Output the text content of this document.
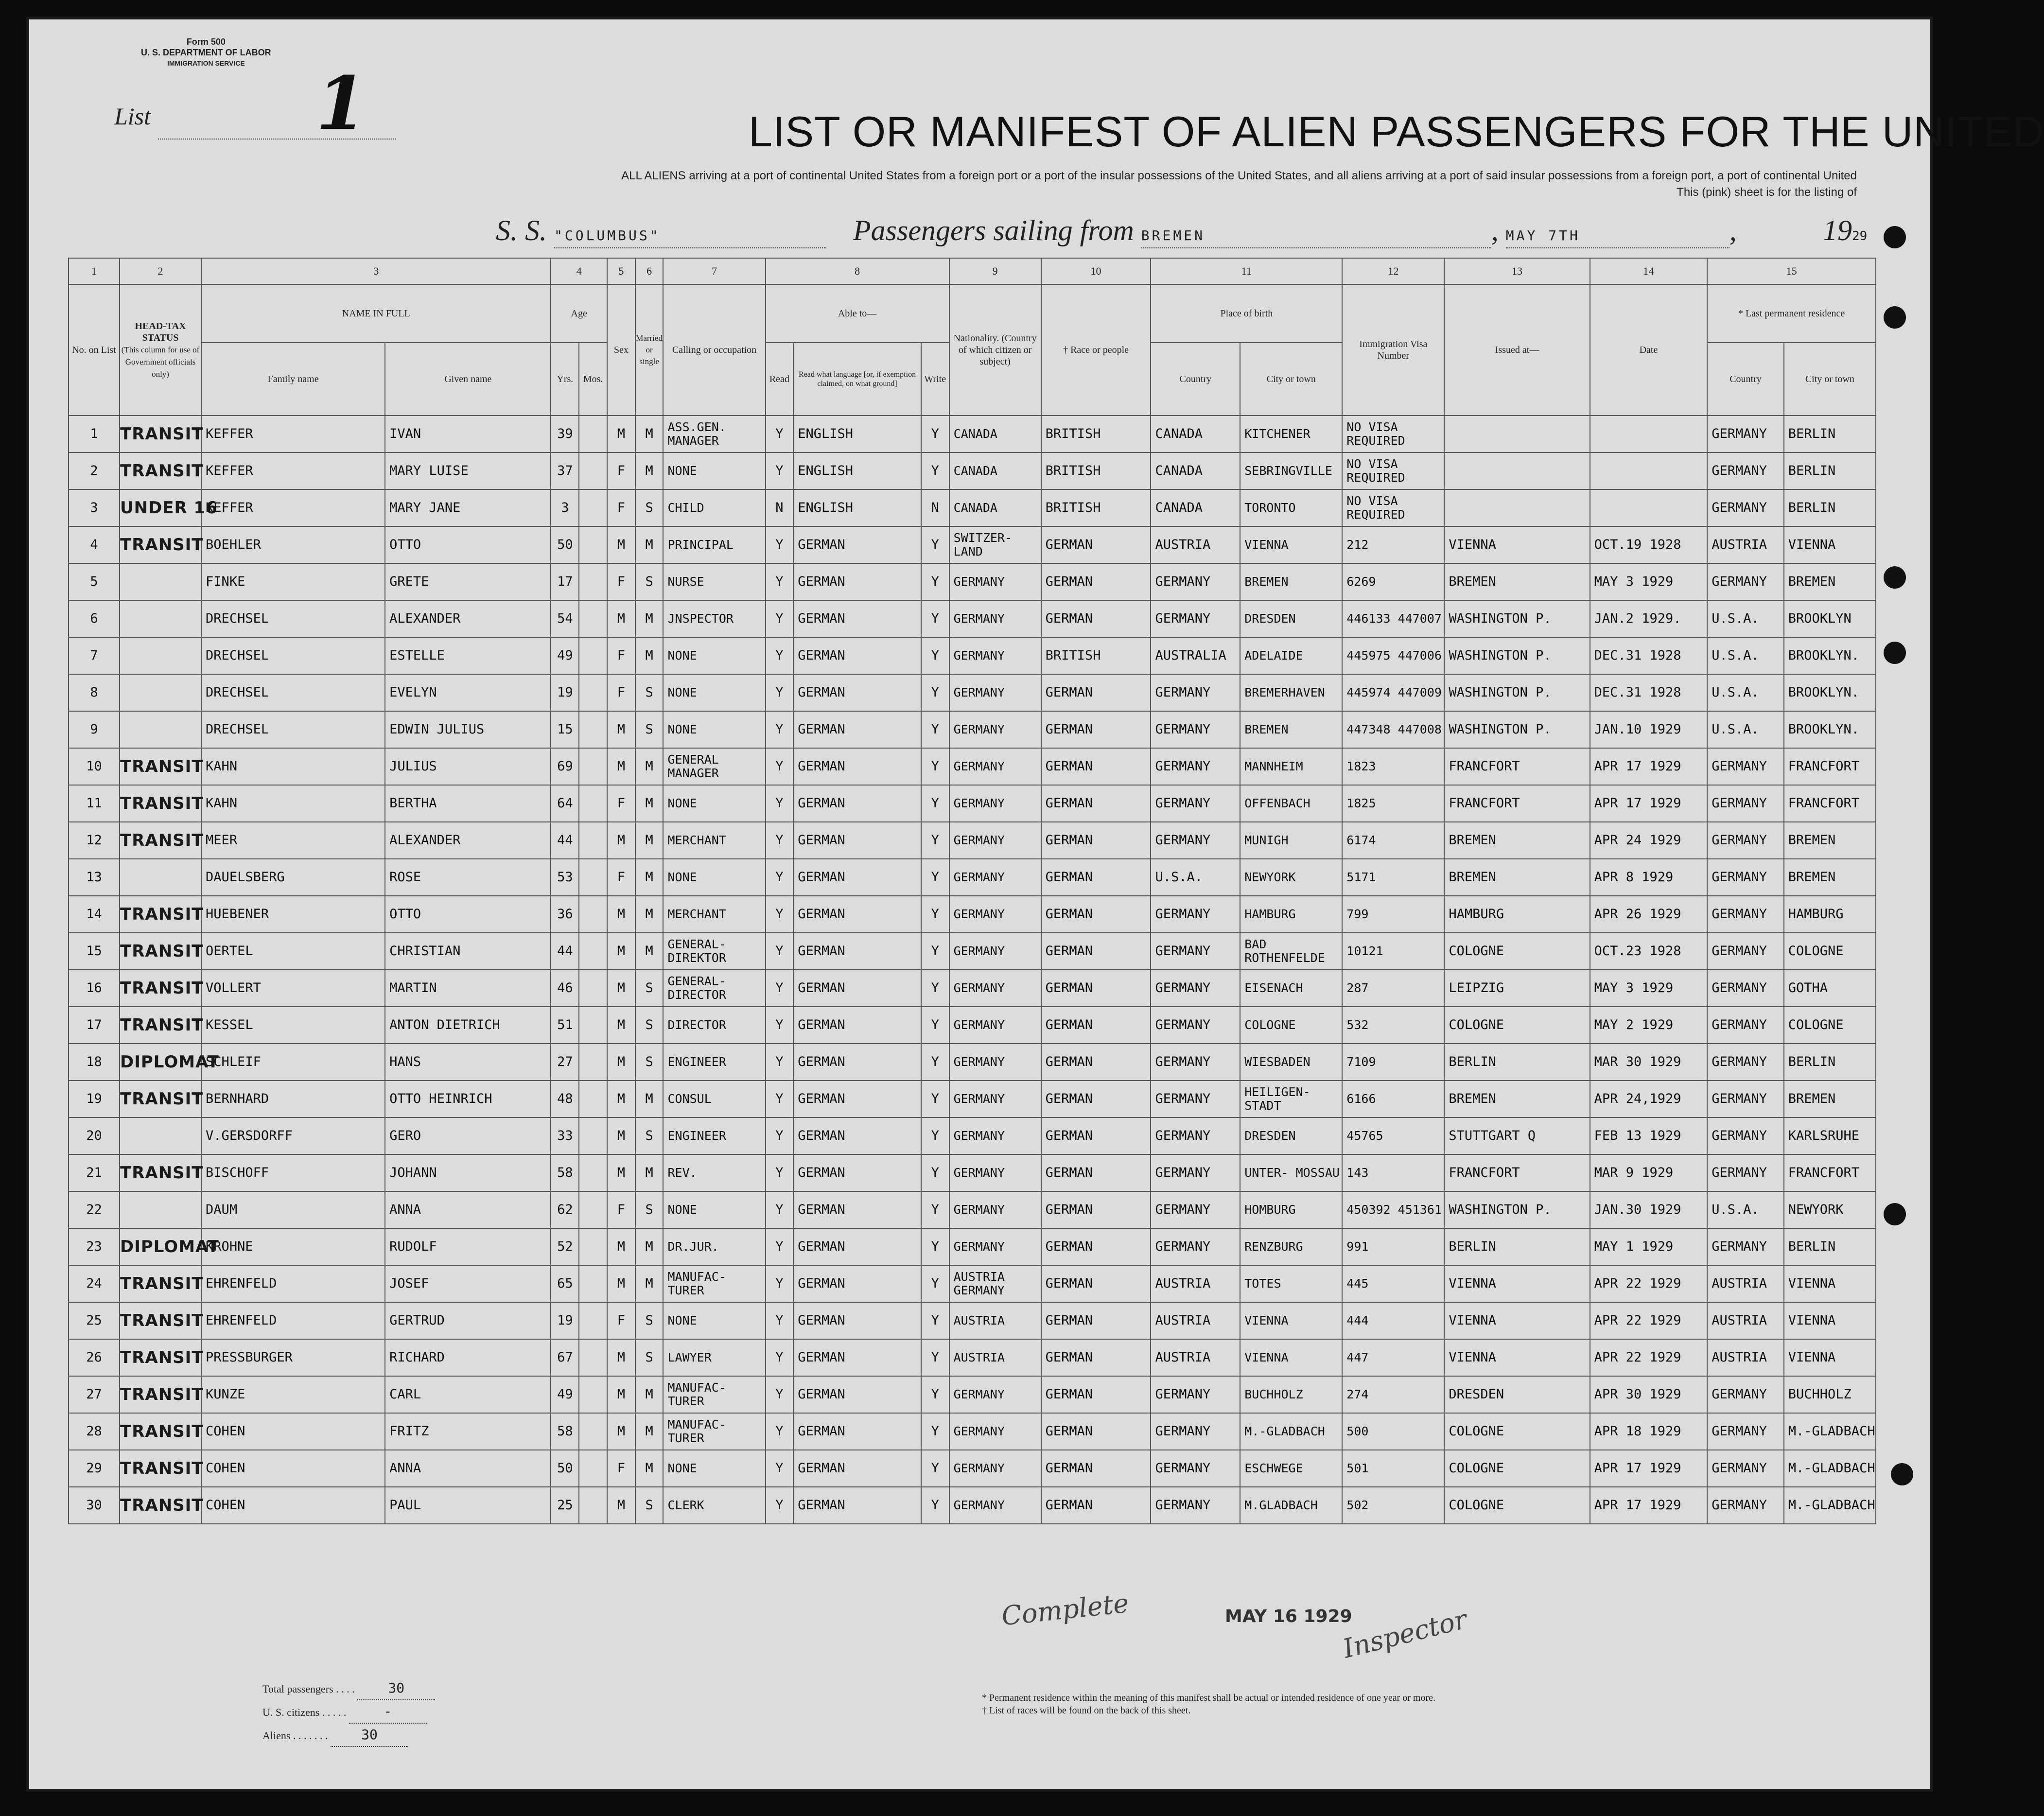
Form 500
U. S. DEPARTMENT OF LABOR
IMMIGRATION SERVICE
List 1	LIST OR MANIFEST OF ALIEN PASSENGERS FOR THE UNITED
ALL ALIENS arriving at a port of continental United States from a foreign port or a port of the insular possessions of the United States, and all aliens arriving at a port of said insular possessions from a foreign port, a port of continental United
This (pink) sheet is for the listing of
S. S. "COLUMBUS"	Passengers sailing from BREMEN	, MAY 7TH	,	1929
1	2	3		4		5	6	7	8			9	10	11		12	13	14	15	
No. on List	HEAD-TAX STATUS
(This column for use of Government officials only)	NAME IN FULL		Age		Sex	Married or single	Calling or occupation	Able to—			Nationality. (Country of which citizen or subject)	† Race or people	Place of birth		Immigration Visa Number	Issued at—	Date	* Last permanent residence	
		Family name	Given name	Yrs.	Mos.				Read	Read what language [or, if exemption claimed, on what ground]	Write			Country	City or town				Country	City or town
1	TRANSIT	KEFFER	IVAN	39		M	M	ASS.GEN. MANAGER	Y	ENGLISH	Y	CANADA	BRITISH	CANADA	KITCHENER	NO VISA REQUIRED			GERMANY	BERLIN
2	TRANSIT	KEFFER	MARY LUISE	37		F	M	NONE	Y	ENGLISH	Y	CANADA	BRITISH	CANADA	SEBRINGVILLE	NO VISA REQUIRED			GERMANY	BERLIN
3	UNDER 16	KEFFER	MARY JANE	3		F	S	CHILD	N	ENGLISH	N	CANADA	BRITISH	CANADA	TORONTO	NO VISA REQUIRED			GERMANY	BERLIN
4	TRANSIT	BOEHLER	OTTO	50		M	M	PRINCIPAL	Y	GERMAN	Y	SWITZER- LAND	GERMAN	AUSTRIA	VIENNA	212	VIENNA	OCT.19 1928	AUSTRIA	VIENNA
5		FINKE	GRETE	17		F	S	NURSE	Y	GERMAN	Y	GERMANY	GERMAN	GERMANY	BREMEN	6269	BREMEN	MAY 3 1929	GERMANY	BREMEN
6		DRECHSEL	ALEXANDER	54		M	M	JNSPECTOR	Y	GERMAN	Y	GERMANY	GERMAN	GERMANY	DRESDEN	446133 447007	WASHINGTON P.	JAN.2 1929.	U.S.A.	BROOKLYN
7		DRECHSEL	ESTELLE	49		F	M	NONE	Y	GERMAN	Y	GERMANY	BRITISH	AUSTRALIA	ADELAIDE	445975 447006	WASHINGTON P.	DEC.31 1928	U.S.A.	BROOKLYN.
8		DRECHSEL	EVELYN	19		F	S	NONE	Y	GERMAN	Y	GERMANY	GERMAN	GERMANY	BREMERHAVEN	445974 447009	WASHINGTON P.	DEC.31 1928	U.S.A.	BROOKLYN.
9		DRECHSEL	EDWIN JULIUS	15		M	S	NONE	Y	GERMAN	Y	GERMANY	GERMAN	GERMANY	BREMEN	447348 447008	WASHINGTON P.	JAN.10 1929	U.S.A.	BROOKLYN.
10	TRANSIT	KAHN	JULIUS	69		M	M	GENERAL MANAGER	Y	GERMAN	Y	GERMANY	GERMAN	GERMANY	MANNHEIM	1823	FRANCFORT	APR 17 1929	GERMANY	FRANCFORT
11	TRANSIT	KAHN	BERTHA	64		F	M	NONE	Y	GERMAN	Y	GERMANY	GERMAN	GERMANY	OFFENBACH	1825	FRANCFORT	APR 17 1929	GERMANY	FRANCFORT
12	TRANSIT	MEER	ALEXANDER	44		M	M	MERCHANT	Y	GERMAN	Y	GERMANY	GERMAN	GERMANY	MUNIGH	6174	BREMEN	APR 24 1929	GERMANY	BREMEN
13		DAUELSBERG	ROSE	53		F	M	NONE	Y	GERMAN	Y	GERMANY	GERMAN	U.S.A.	NEWYORK	5171	BREMEN	APR 8 1929	GERMANY	BREMEN
14	TRANSIT	HUEBENER	OTTO	36		M	M	MERCHANT	Y	GERMAN	Y	GERMANY	GERMAN	GERMANY	HAMBURG	799	HAMBURG	APR 26 1929	GERMANY	HAMBURG
15	TRANSIT	OERTEL	CHRISTIAN	44		M	M	GENERAL- DIREKTOR	Y	GERMAN	Y	GERMANY	GERMAN	GERMANY	BAD ROTHENFELDE	10121	COLOGNE	OCT.23 1928	GERMANY	COLOGNE
16	TRANSIT	VOLLERT	MARTIN	46		M	S	GENERAL- DIRECTOR	Y	GERMAN	Y	GERMANY	GERMAN	GERMANY	EISENACH	287	LEIPZIG	MAY 3 1929	GERMANY	GOTHA
17	TRANSIT	KESSEL	ANTON DIETRICH	51		M	S	DIRECTOR	Y	GERMAN	Y	GERMANY	GERMAN	GERMANY	COLOGNE	532	COLOGNE	MAY 2 1929	GERMANY	COLOGNE
18	DIPLOMAT	SCHLEIF	HANS	27		M	S	ENGINEER	Y	GERMAN	Y	GERMANY	GERMAN	GERMANY	WIESBADEN	7109	BERLIN	MAR 30 1929	GERMANY	BERLIN
19	TRANSIT	BERNHARD	OTTO HEINRICH	48		M	M	CONSUL	Y	GERMAN	Y	GERMANY	GERMAN	GERMANY	HEILIGEN- STADT	6166	BREMEN	APR 24,1929	GERMANY	BREMEN
20		V.GERSDORFF	GERO	33		M	S	ENGINEER	Y	GERMAN	Y	GERMANY	GERMAN	GERMANY	DRESDEN	45765	STUTTGART Q	FEB 13 1929	GERMANY	KARLSRUHE
21	TRANSIT	BISCHOFF	JOHANN	58		M	M	REV.	Y	GERMAN	Y	GERMANY	GERMAN	GERMANY	UNTER- MOSSAU	143	FRANCFORT	MAR 9 1929	GERMANY	FRANCFORT
22		DAUM	ANNA	62		F	S	NONE	Y	GERMAN	Y	GERMANY	GERMAN	GERMANY	HOMBURG	450392 451361	WASHINGTON P.	JAN.30 1929	U.S.A.	NEWYORK
23	DIPLOMAT	KROHNE	RUDOLF	52		M	M	DR.JUR.	Y	GERMAN	Y	GERMANY	GERMAN	GERMANY	RENZBURG	991	BERLIN	MAY 1 1929	GERMANY	BERLIN
24	TRANSIT	EHRENFELD	JOSEF	65		M	M	MANUFAC- TURER	Y	GERMAN	Y	AUSTRIA GERMANY	GERMAN	AUSTRIA	TOTES	445	VIENNA	APR 22 1929	AUSTRIA	VIENNA
25	TRANSIT	EHRENFELD	GERTRUD	19		F	S	NONE	Y	GERMAN	Y	AUSTRIA	GERMAN	AUSTRIA	VIENNA	444	VIENNA	APR 22 1929	AUSTRIA	VIENNA
26	TRANSIT	PRESSBURGER	RICHARD	67		M	S	LAWYER	Y	GERMAN	Y	AUSTRIA	GERMAN	AUSTRIA	VIENNA	447	VIENNA	APR 22 1929	AUSTRIA	VIENNA
27	TRANSIT	KUNZE	CARL	49		M	M	MANUFAC- TURER	Y	GERMAN	Y	GERMANY	GERMAN	GERMANY	BUCHHOLZ	274	DRESDEN	APR 30 1929	GERMANY	BUCHHOLZ
28	TRANSIT	COHEN	FRITZ	58		M	M	MANUFAC- TURER	Y	GERMAN	Y	GERMANY	GERMAN	GERMANY	M.-GLADBACH	500	COLOGNE	APR 18 1929	GERMANY	M.-GLADBACH
29	TRANSIT	COHEN	ANNA	50		F	M	NONE	Y	GERMAN	Y	GERMANY	GERMAN	GERMANY	ESCHWEGE	501	COLOGNE	APR 17 1929	GERMANY	M.-GLADBACH
30	TRANSIT	COHEN	PAUL	25		M	S	CLERK	Y	GERMAN	Y	GERMANY	GERMAN	GERMANY	M.GLADBACH	502	COLOGNE	APR 17 1929	GERMANY	M.-GLADBACH
MAY 16 1929
Complete	Inspector
Total passengers . . . . 30
U. S. citizens . . . . .	-
Aliens . . . . . . . 30
* Permanent residence within the meaning of this manifest shall be actual or intended residence of one year or more.
† List of races will be found on the back of this sheet.
